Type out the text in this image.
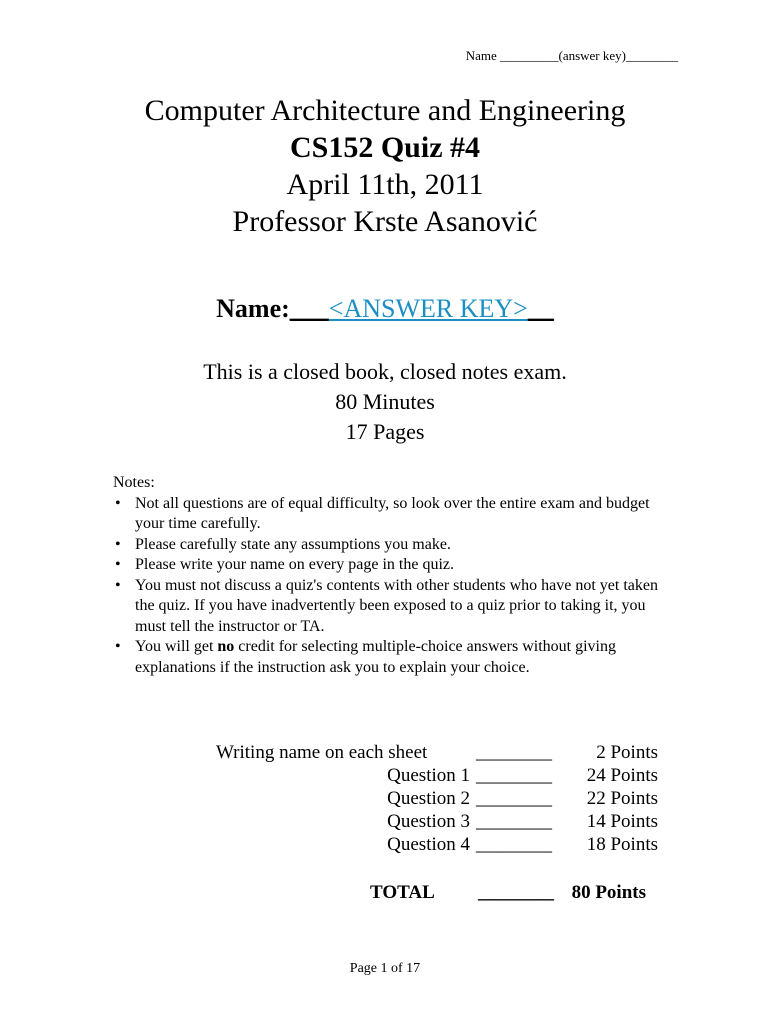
Name _________(answer key)________
Computer Architecture and Engineering
CS152 Quiz #4
April 11th, 2011
Professor Krste Asanović
Name:___<ANSWER KEY>__
This is a closed book, closed notes exam.
80 Minutes
17 Pages
Notes:
• Not all questions are of equal difficulty, so look over the entire exam and budget your time carefully.
• Please carefully state any assumptions you make.
• Please write your name on every page in the quiz.
• You must not discuss a quiz's contents with other students who have not yet taken the quiz. If you have inadvertently been exposed to a quiz prior to taking it, you must tell the instructor or TA.
• You will get no credit for selecting multiple-choice answers without giving explanations if the instruction ask you to explain your choice.
Writing name on each sheet	________ 2 Points
Question 1 ________ 24 Points
Question 2 ________ 22 Points
Question 3 ________ 14 Points
Question 4 ________ 18 Points
TOTAL ________ 80 Points
Page 1 of 17
